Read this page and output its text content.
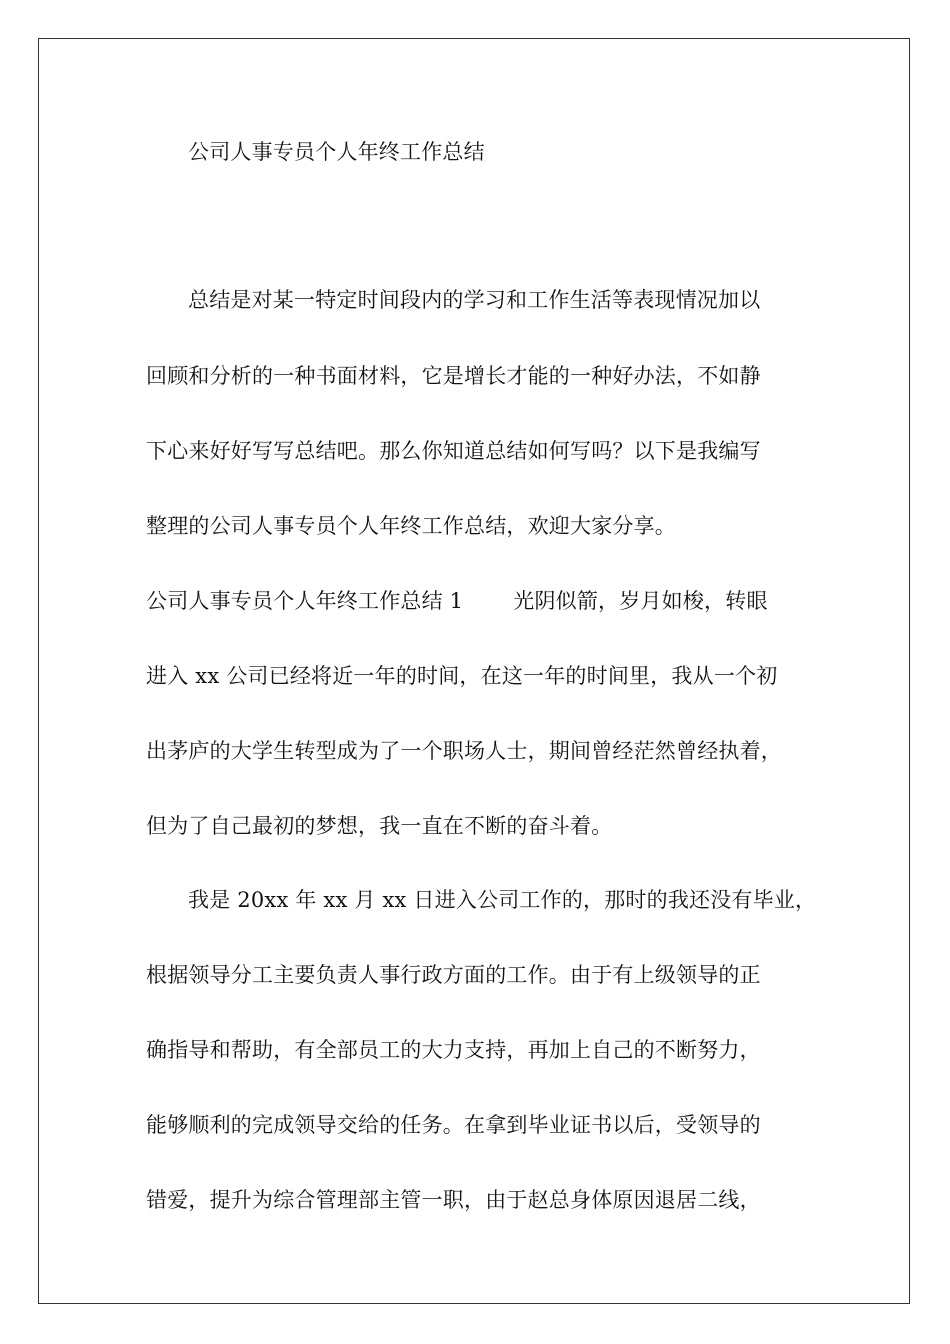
公司人事专员个人年终工作总结
总结是对某一特定时间段内的学习和工作生活等表现情况加以
回顾和分析的一种书面材料，它是增长才能的一种好办法，不如静
下心来好好写写总结吧。那么你知道总结如何写吗？以下是我编写
整理的公司人事专员个人年终工作总结，欢迎大家分享。
公司人事专员个人年终工作总结 1 光阴似箭，岁月如梭，转眼
进入 xx 公司已经将近一年的时间，在这一年的时间里，我从一个初
出茅庐的大学生转型成为了一个职场人士，期间曾经茫然曾经执着，
但为了自己最初的梦想，我一直在不断的奋斗着。
我是 20xx 年 xx 月 xx 日进入公司工作的，那时的我还没有毕业，
根据领导分工主要负责人事行政方面的工作。由于有上级领导的正
确指导和帮助，有全部员工的大力支持，再加上自己的不断努力，
能够顺利的完成领导交给的任务。在拿到毕业证书以后，受领导的
错爱，提升为综合管理部主管一职，由于赵总身体原因退居二线，
